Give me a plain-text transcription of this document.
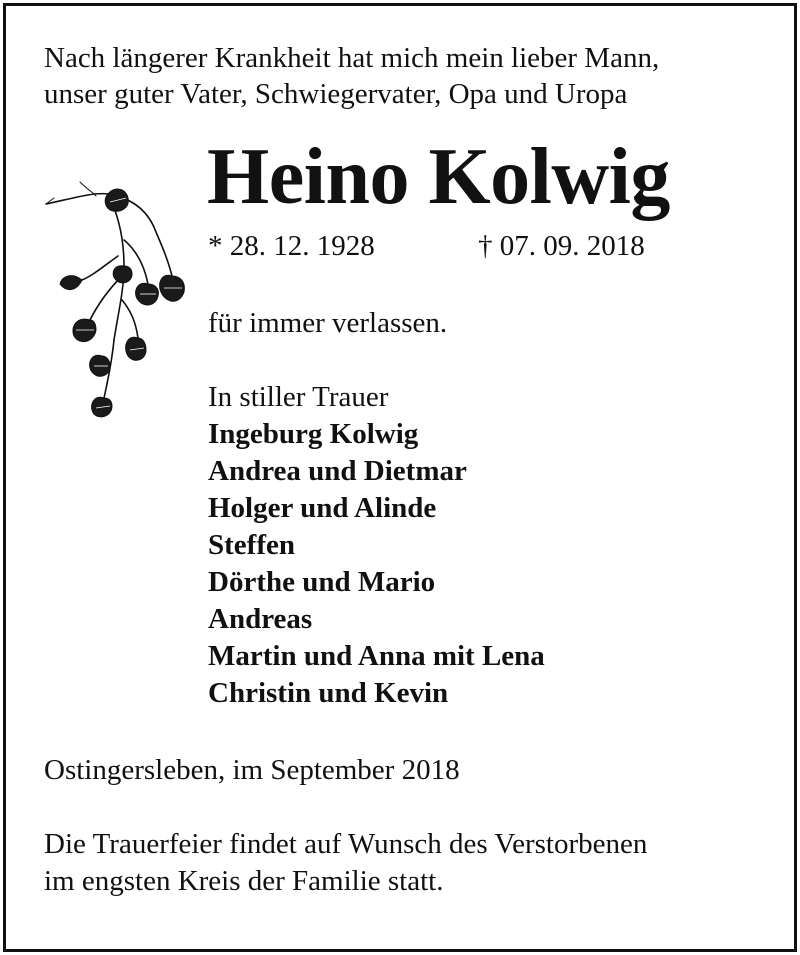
Nach längerer Krankheit hat mich mein lieber Mann,
unser guter Vater, Schwiegervater, Opa und Uropa
Heino Kolwig
* 28. 12. 1928	† 07. 09. 2018
für immer verlassen.
In stiller Trauer
Ingeburg Kolwig
Andrea und Dietmar
Holger und Alinde
Steffen
Dörthe und Mario
Andreas
Martin und Anna mit Lena
Christin und Kevin
Ostingersleben, im September 2018
Die Trauerfeier findet auf Wunsch des Verstorbenen
im engsten Kreis der Familie statt.
